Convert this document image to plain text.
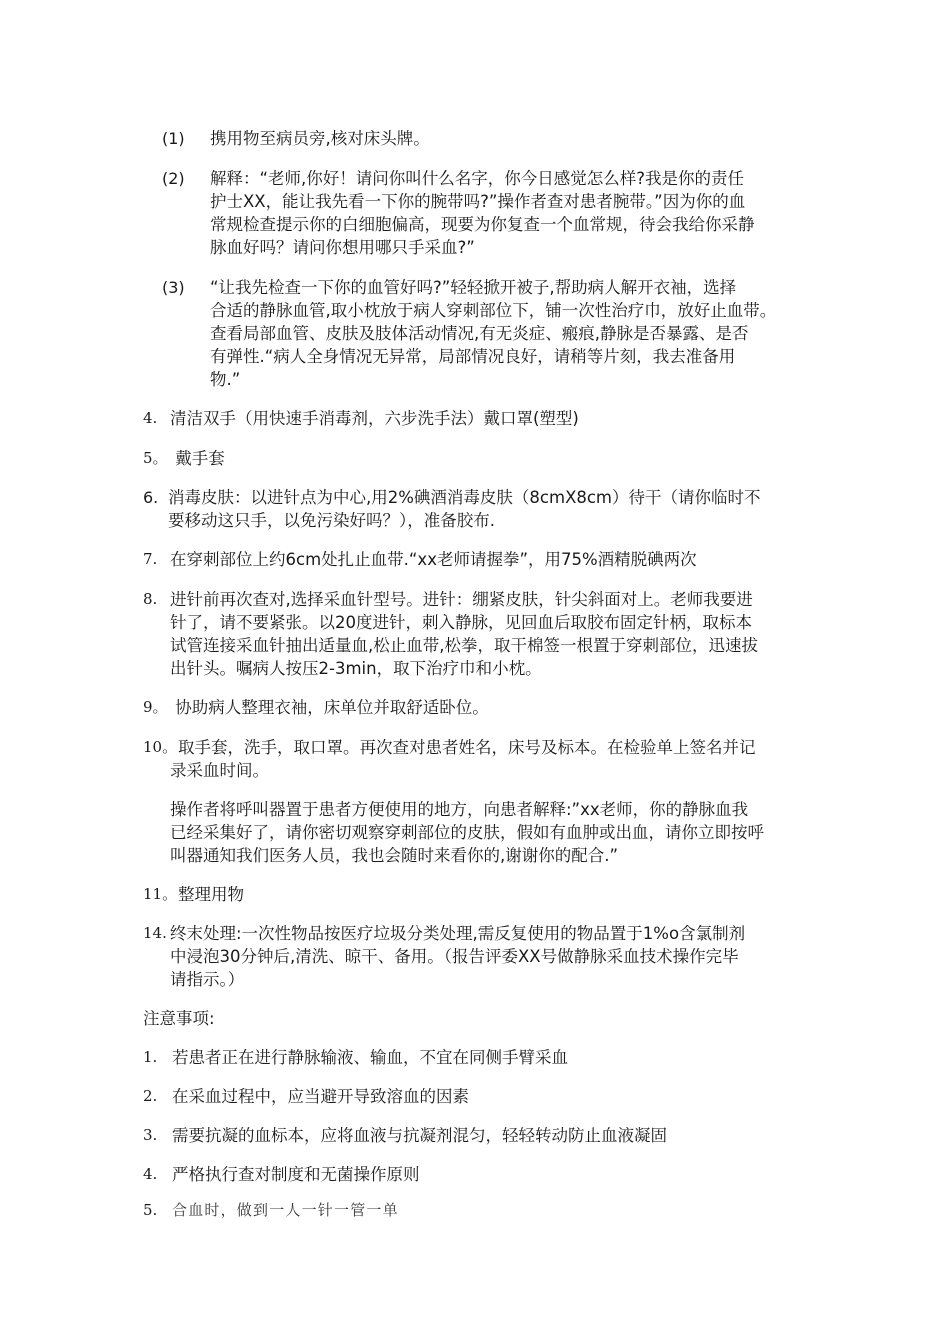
(1) 携用物至病员旁,核对床头牌。
(2) 解释：“老师,你好！请问你叫什么名字，你今日感觉怎么样?我是你的责任
护士XX，能让我先看一下你的腕带吗?”操作者查对患者腕带。”因为你的血
常规检查提示你的白细胞偏高，现要为你复查一个血常规，待会我给你采静
脉血好吗？请问你想用哪只手采血?”
(3) “让我先检查一下你的血管好吗?”轻轻掀开被子,帮助病人解开衣袖，选择
合适的静脉血管,取小枕放于病人穿刺部位下，铺一次性治疗巾，放好止血带。
查看局部血管、皮肤及肢体活动情况,有无炎症、瘢痕,静脉是否暴露、是否
有弹性.“病人全身情况无异常，局部情况良好，请稍等片刻，我去准备用
物.”
4. 清洁双手（用快速手消毒剂，六步洗手法）戴口罩(塑型)
5。 戴手套
6. 消毒皮肤：以进针点为中心,用2%碘酒消毒皮肤（8cmX8cm）待干（请你临时不
要移动这只手，以免污染好吗？），准备胶布.
7. 在穿刺部位上约6cm处扎止血带.“xx老师请握拳”，用75%酒精脱碘两次
8. 进针前再次查对,选择采血针型号。进针：绷紧皮肤，针尖斜面对上。老师我要进
针了，请不要紧张。以20度进针，刺入静脉，见回血后取胶布固定针柄，取标本
试管连接采血针抽出适量血,松止血带,松拳，取干棉签一根置于穿刺部位，迅速拔
出针头。嘱病人按压2-3min，取下治疗巾和小枕。
9。 协助病人整理衣袖，床单位并取舒适卧位。
10。 取手套，洗手，取口罩。再次查对患者姓名，床号及标本。在检验单上签名并记
录采血时间。
操作者将呼叫器置于患者方便使用的地方，向患者解释:”xx老师，你的静脉血我
已经采集好了，请你密切观察穿刺部位的皮肤，假如有血肿或出血，请你立即按呼
叫器通知我们医务人员，我也会随时来看你的,谢谢你的配合.”
11。 整理用物
14. 终末处理:一次性物品按医疗垃圾分类处理,需反复使用的物品置于1%o含氯制剂
中浸泡30分钟后,清洗、晾干、备用。（报告评委XX号做静脉采血技术操作完毕
请指示。）
注意事项:
1. 若患者正在进行静脉输液、输血，不宜在同侧手臂采血
2. 在采血过程中，应当避开导致溶血的因素
3. 需要抗凝的血标本，应将血液与抗凝剂混匀，轻轻转动防止血液凝固
4. 严格执行查对制度和无菌操作原则
5. 合血时，做到一人一针一管一单
